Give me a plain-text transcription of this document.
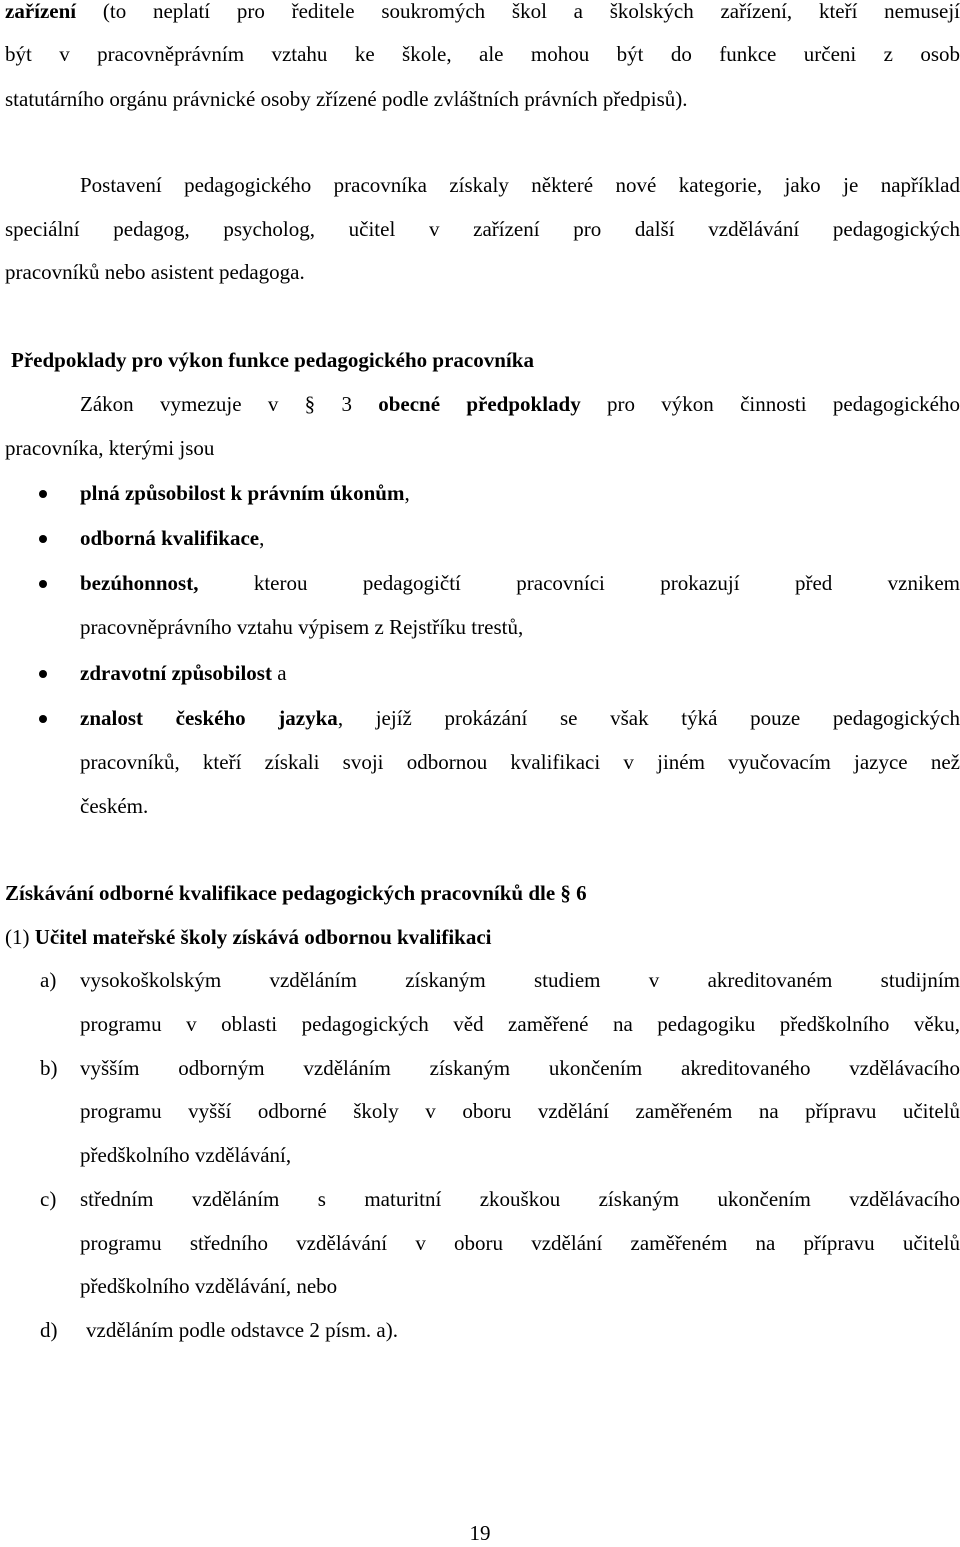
zařízení (to neplatí pro ředitele soukromých škol a školských zařízení, kteří nemusejí
být v pracovněprávním vztahu ke škole, ale mohou být do funkce určeni z osob
statutárního orgánu právnické osoby zřízené podle zvláštních právních předpisů).
Postavení pedagogického pracovníka získaly některé nové kategorie, jako je například
speciální pedagog, psycholog, učitel v zařízení pro další vzdělávání pedagogických
pracovníků nebo asistent pedagoga.
Předpoklady pro výkon funkce pedagogického pracovníka
Zákon vymezuje v § 3 obecné předpoklady pro výkon činnosti pedagogického
pracovníka, kterými jsou
plná způsobilost k právním úkonům,
odborná kvalifikace,
bezúhonnost, kterou pedagogičtí pracovníci prokazují před vznikem
pracovněprávního vztahu výpisem z Rejstříku trestů,
zdravotní způsobilost a
znalost českého jazyka, jejíž prokázání se však týká pouze pedagogických
pracovníků, kteří získali svoji odbornou kvalifikaci v jiném vyučovacím jazyce než
českém.
Získávání odborné kvalifikace pedagogických pracovníků dle § 6
(1) Učitel mateřské školy získává odbornou kvalifikaci
a) vysokoškolským vzděláním získaným studiem v akreditovaném studijním
programu v oblasti pedagogických věd zaměřené na pedagogiku předškolního věku,
b) vyšším odborným vzděláním získaným ukončením akreditovaného vzdělávacího
programu vyšší odborné školy v oboru vzdělání zaměřeném na přípravu učitelů
předškolního vzdělávání,
c) středním vzděláním s maturitní zkouškou získaným ukončením vzdělávacího
programu středního vzdělávání v oboru vzdělání zaměřeném na přípravu učitelů
předškolního vzdělávání, nebo
d) vzděláním podle odstavce 2 písm. a).
19
